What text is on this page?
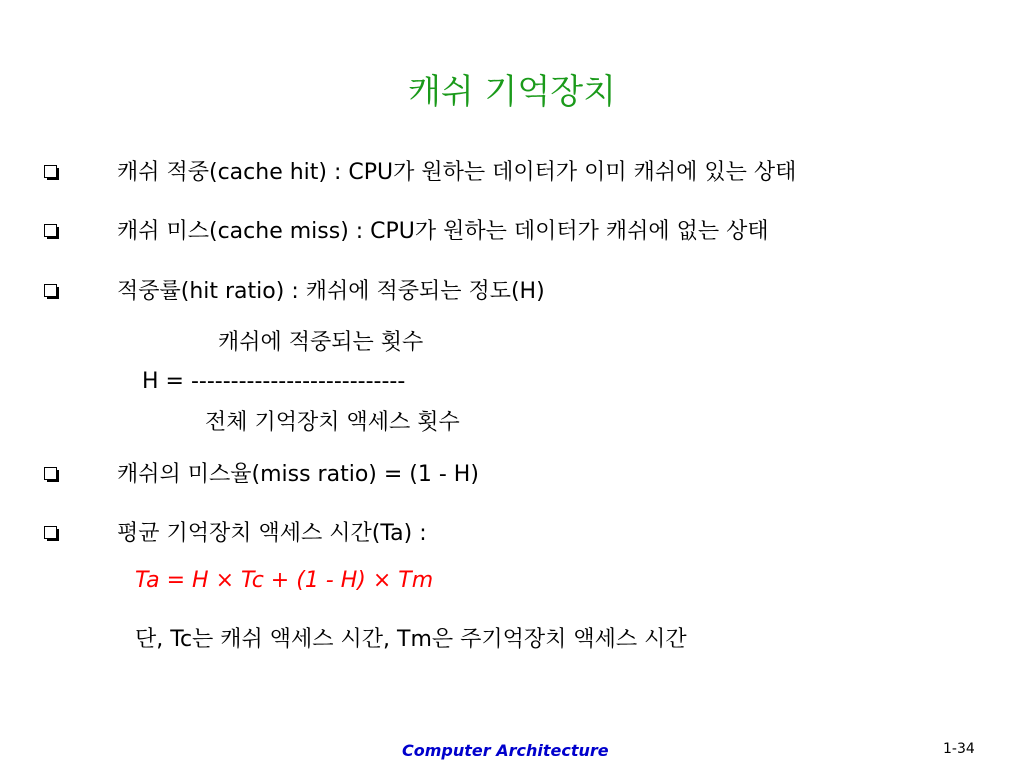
캐쉬 기억장치
캐쉬 적중(cache hit) : CPU가 원하는 데이터가 이미 캐쉬에 있는 상태
캐쉬 미스(cache miss) : CPU가 원하는 데이터가 캐쉬에 없는 상태
적중률(hit ratio) : 캐쉬에 적중되는 정도(H)
캐쉬에 적중되는 횟수
H = ---------------------------
전체 기억장치 액세스 횟수
캐쉬의 미스율(miss ratio) = (1 - H)
평균 기억장치 액세스 시간(Ta) :
Ta = H × Tc + (1 - H) × Tm
단, Tc는 캐쉬 액세스 시간, Tm은 주기억장치 액세스 시간
Computer Architecture	1-34
